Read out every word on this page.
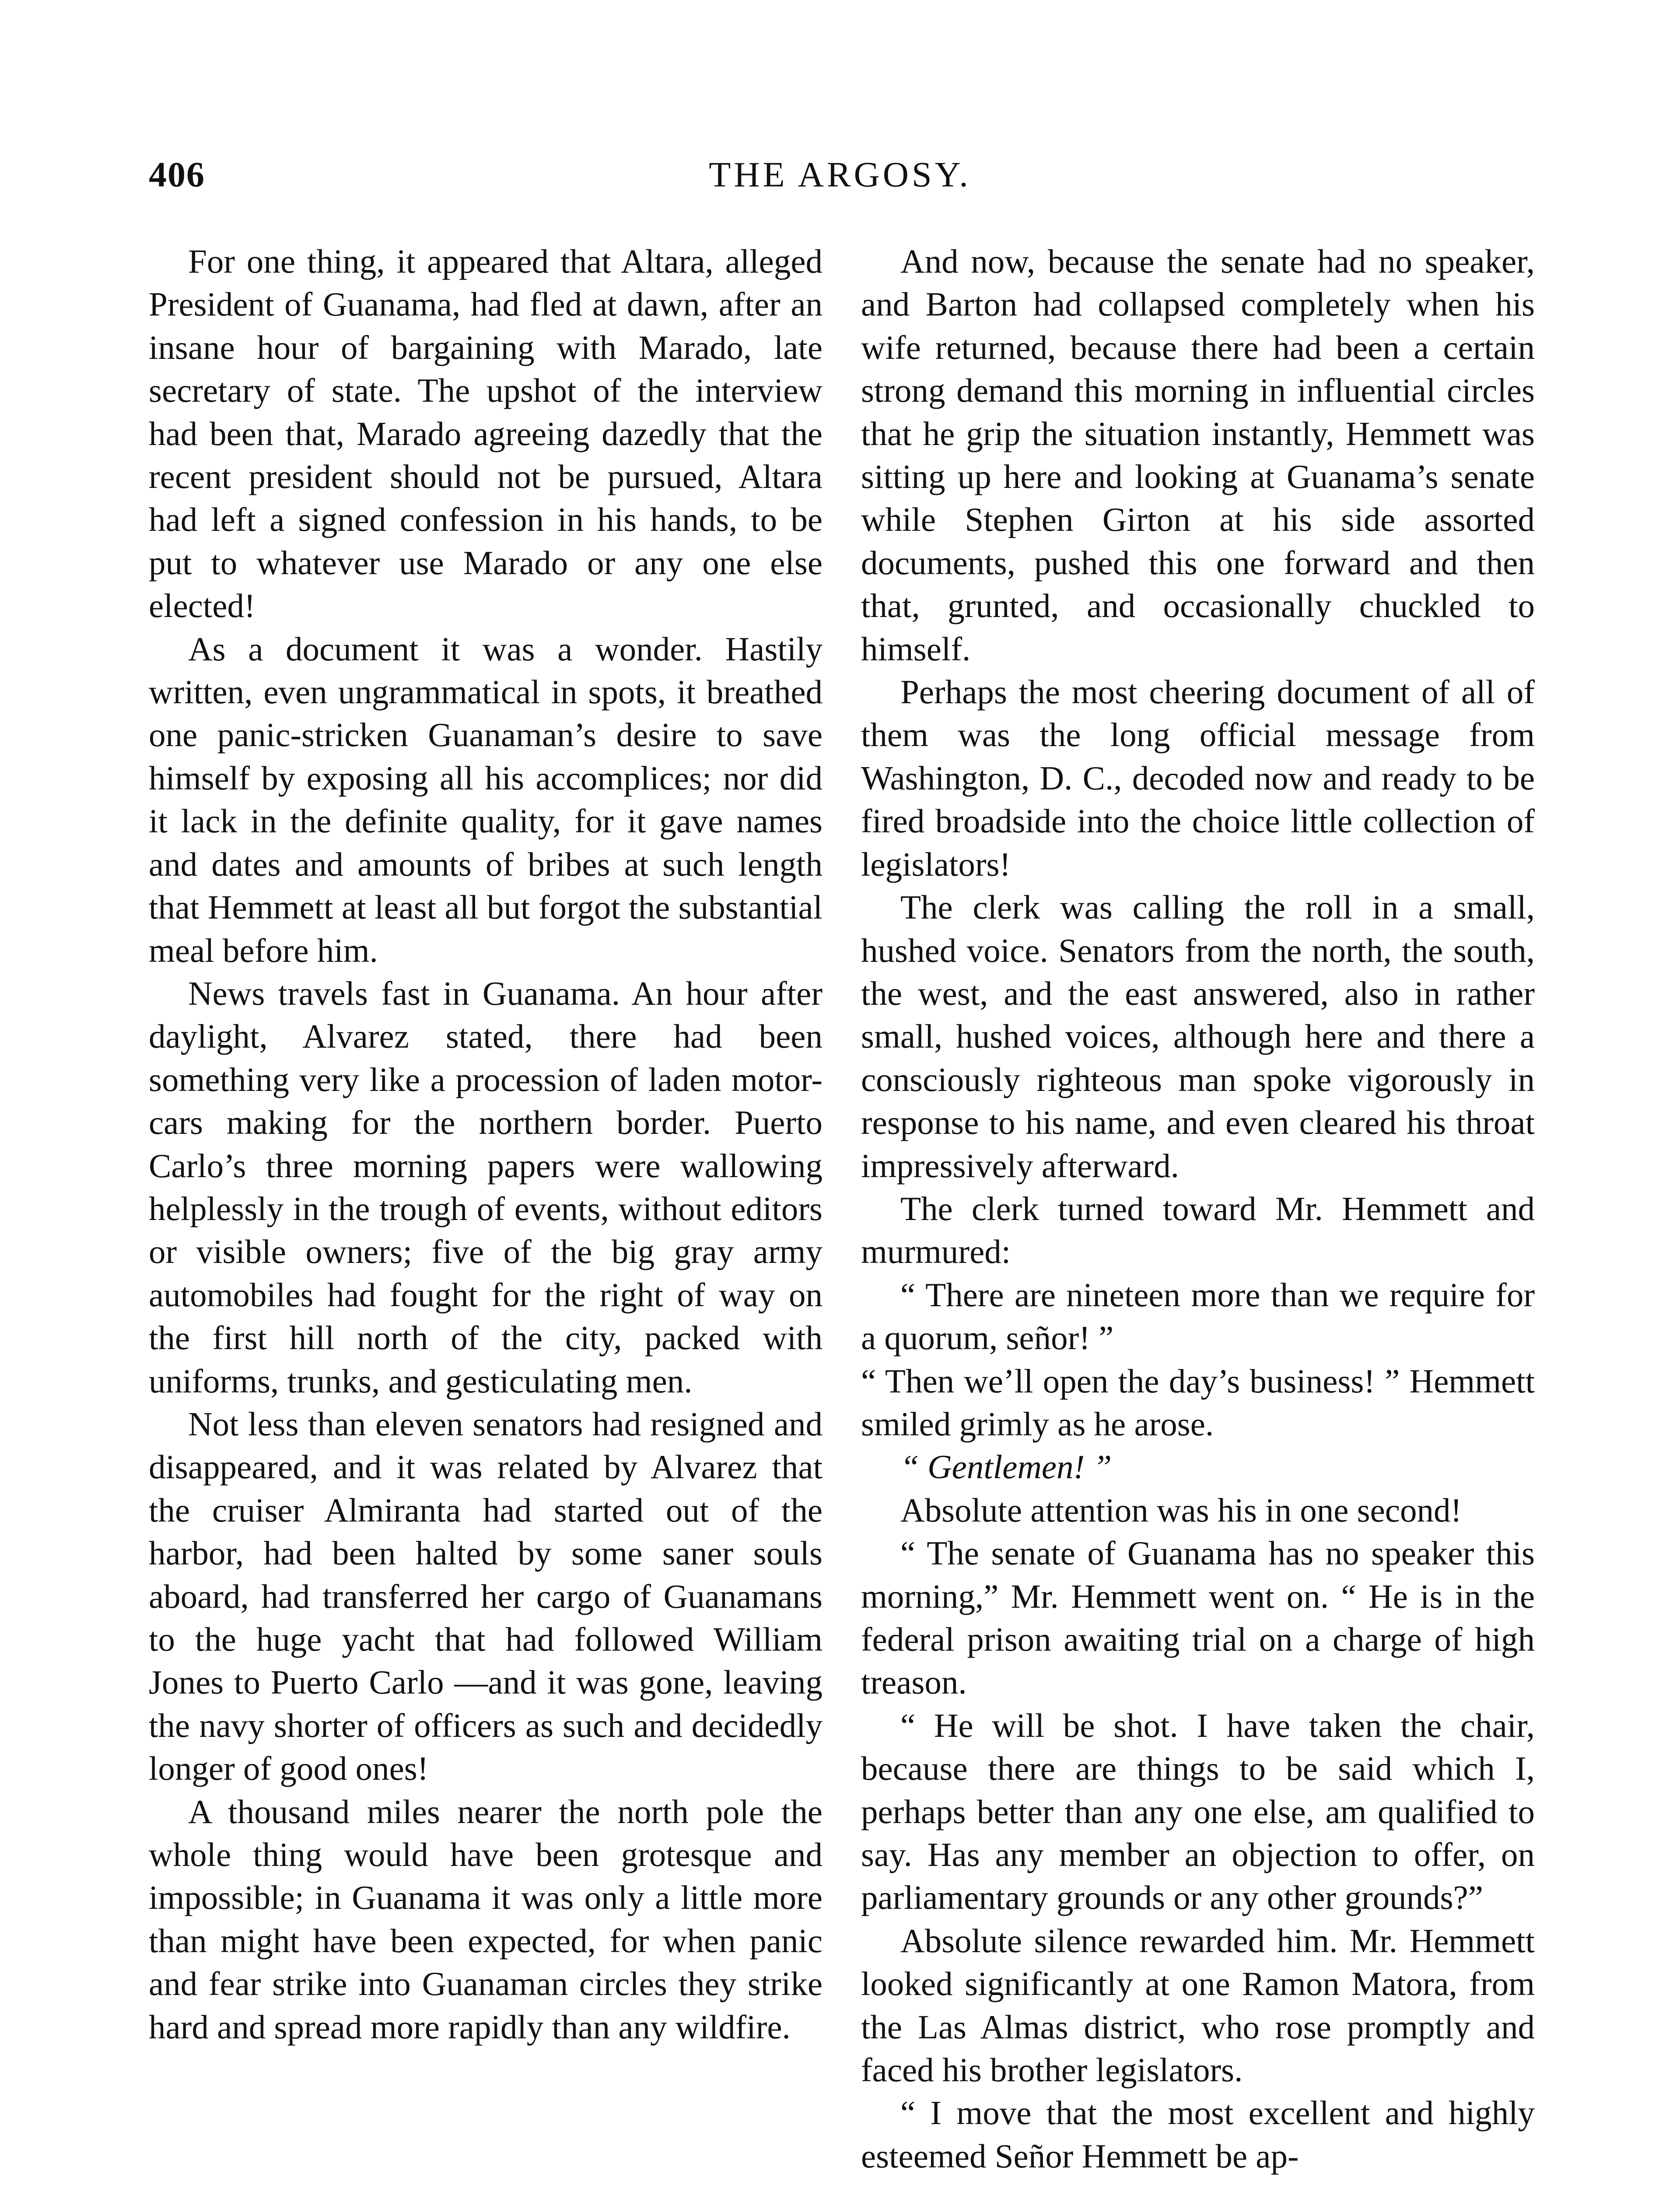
406	THE ARGOSY.

For one thing, it appeared that Altara, alleged President of Guanama, had fled at dawn, after an insane hour of bargaining with Marado, late secretary of state. The upshot of the interview had been that, Marado agreeing dazedly that the recent president should not be pursued, Altara had left a signed confession in his hands, to be put to whatever use Marado or any one else elected!

As a document it was a wonder. Hastily written, even ungrammatical in spots, it breathed one panic-stricken Guanaman’s desire to save himself by exposing all his accomplices; nor did it lack in the definite quality, for it gave names and dates and amounts of bribes at such length that Hemmett at least all but forgot the substantial meal before him.

News travels fast in Guanama. An hour after daylight, Alvarez stated, there had been something very like a procession of laden motor-cars making for the northern border. Puerto Carlo’s three morning papers were wallowing helplessly in the trough of events, without editors or visible owners; five of the big gray army automobiles had fought for the right of way on the first hill north of the city, packed with uniforms, trunks, and gesticulating men.

Not less than eleven senators had resigned and disappeared, and it was related by Alvarez that the cruiser Almiranta had started out of the harbor, had been halted by some saner souls aboard, had transferred her cargo of Guanamans to the huge yacht that had followed William Jones to Puerto Carlo —and it was gone, leaving the navy shorter of officers as such and decidedly longer of good ones!

A thousand miles nearer the north pole the whole thing would have been grotesque and impossible; in Guanama it was only a little more than might have been expected, for when panic and fear strike into Guanaman circles they strike hard and spread more rapidly than any wildfire.

And now, because the senate had no speaker, and Barton had collapsed completely when his wife returned, because there had been a certain strong demand this morning in influential circles that he grip the situation instantly, Hemmett was sitting up here and looking at Guanama’s senate while Stephen Girton at his side assorted documents, pushed this one forward and then that, grunted, and occasionally chuckled to himself.

Perhaps the most cheering document of all of them was the long official message from Washington, D. C., decoded now and ready to be fired broadside into the choice little collection of legislators!

The clerk was calling the roll in a small, hushed voice. Senators from the north, the south, the west, and the east answered, also in rather small, hushed voices, although here and there a consciously righteous man spoke vigorously in response to his name, and even cleared his throat impressively afterward.

The clerk turned toward Mr. Hemmett and murmured:

“ There are nineteen more than we require for a quorum, señor! ”

“ Then we’ll open the day’s business! ” Hemmett smiled grimly as he arose.

“ Gentlemen! ”

Absolute attention was his in one second!

“ The senate of Guanama has no speaker this morning,” Mr. Hemmett went on. “ He is in the federal prison awaiting trial on a charge of high treason.

“ He will be shot. I have taken the chair, because there are things to be said which I, perhaps better than any one else, am qualified to say. Has any member an objection to offer, on parliamentary grounds or any other grounds?”

Absolute silence rewarded him. Mr. Hemmett looked significantly at one Ramon Matora, from the Las Almas district, who rose promptly and faced his brother legislators.

“ I move that the most excellent and highly esteemed Señor Hemmett be ap-
